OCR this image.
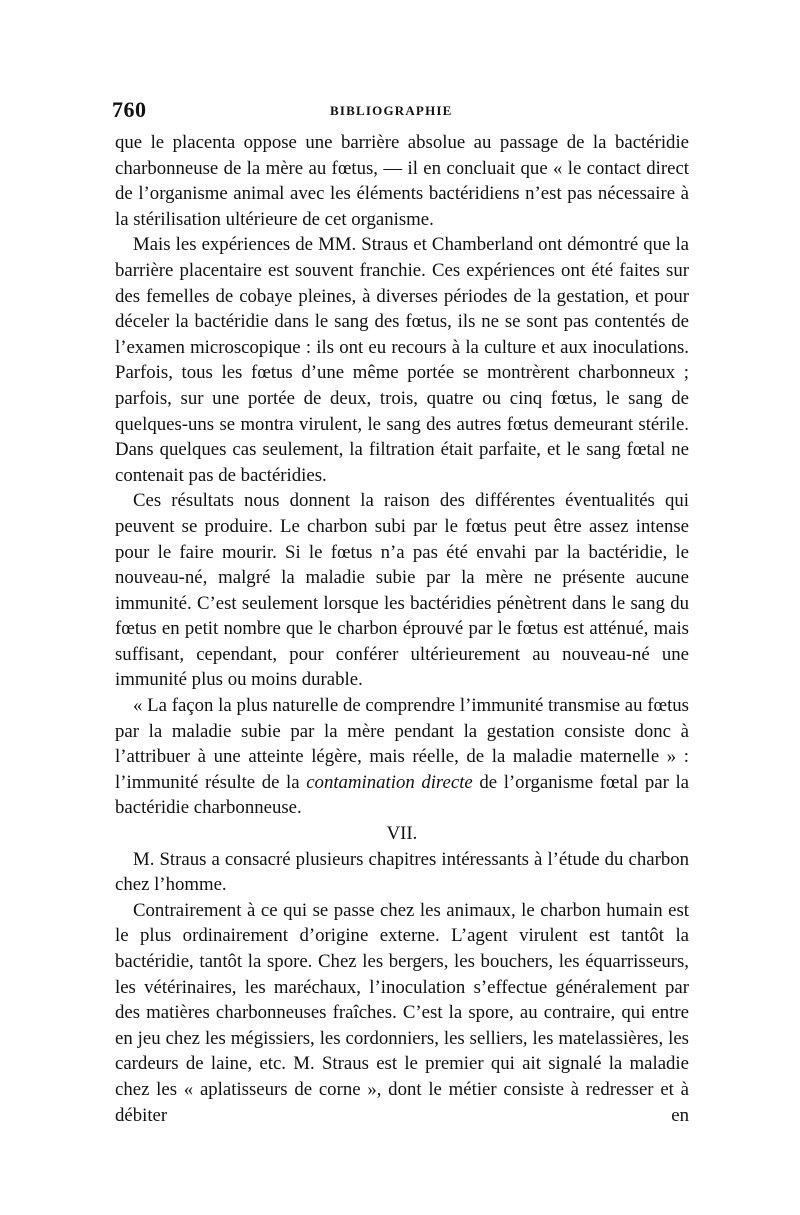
760	BIBLIOGRAPHIE

que le placenta oppose une barrière absolue au passage de la bactéridie charbonneuse de la mère au fœtus, — il en concluait que « le contact direct de l’organisme animal avec les éléments bactéridiens n’est pas nécessaire à la stérilisation ultérieure de cet organisme.

Mais les expériences de MM. Straus et Chamberland ont démontré que la barrière placentaire est souvent franchie. Ces expériences ont été faites sur des femelles de cobaye pleines, à diverses périodes de la gestation, et pour déceler la bactéridie dans le sang des fœtus, ils ne se sont pas contentés de l’examen microscopique : ils ont eu recours à la culture et aux inoculations. Parfois, tous les fœtus d’une même portée se montrèrent charbonneux ; parfois, sur une portée de deux, trois, quatre ou cinq fœtus, le sang de quelques-uns se montra virulent, le sang des autres fœtus demeurant stérile. Dans quelques cas seulement, la filtration était parfaite, et le sang fœtal ne contenait pas de bactéridies.

Ces résultats nous donnent la raison des différentes éventualités qui peuvent se produire. Le charbon subi par le fœtus peut être assez intense pour le faire mourir. Si le fœtus n’a pas été envahi par la bactéridie, le nouveau-né, malgré la maladie subie par la mère ne présente aucune immunité. C’est seulement lorsque les bactéridies pénètrent dans le sang du fœtus en petit nombre que le charbon éprouvé par le fœtus est atténué, mais suffisant, cependant, pour conférer ultérieurement au nouveau-né une immunité plus ou moins durable.

« La façon la plus naturelle de comprendre l’immunité transmise au fœtus par la maladie subie par la mère pendant la gestation consiste donc à l’attribuer à une atteinte légère, mais réelle, de la maladie maternelle » : l’immunité résulte de la contamination directe de l’organisme fœtal par la bactéridie charbonneuse.

VII.

M. Straus a consacré plusieurs chapitres intéressants à l’étude du charbon chez l’homme.

Contrairement à ce qui se passe chez les animaux, le charbon humain est le plus ordinairement d’origine externe. L’agent virulent est tantôt la bactéridie, tantôt la spore. Chez les bergers, les bouchers, les équarrisseurs, les vétérinaires, les maréchaux, l’inoculation s’effectue généralement par des matières charbonneuses fraîches. C’est la spore, au contraire, qui entre en jeu chez les mégissiers, les cordonniers, les selliers, les matelassières, les cardeurs de laine, etc. M. Straus est le premier qui ait signalé la maladie chez les « aplatisseurs de corne », dont le métier consiste à redresser et à débiter en
